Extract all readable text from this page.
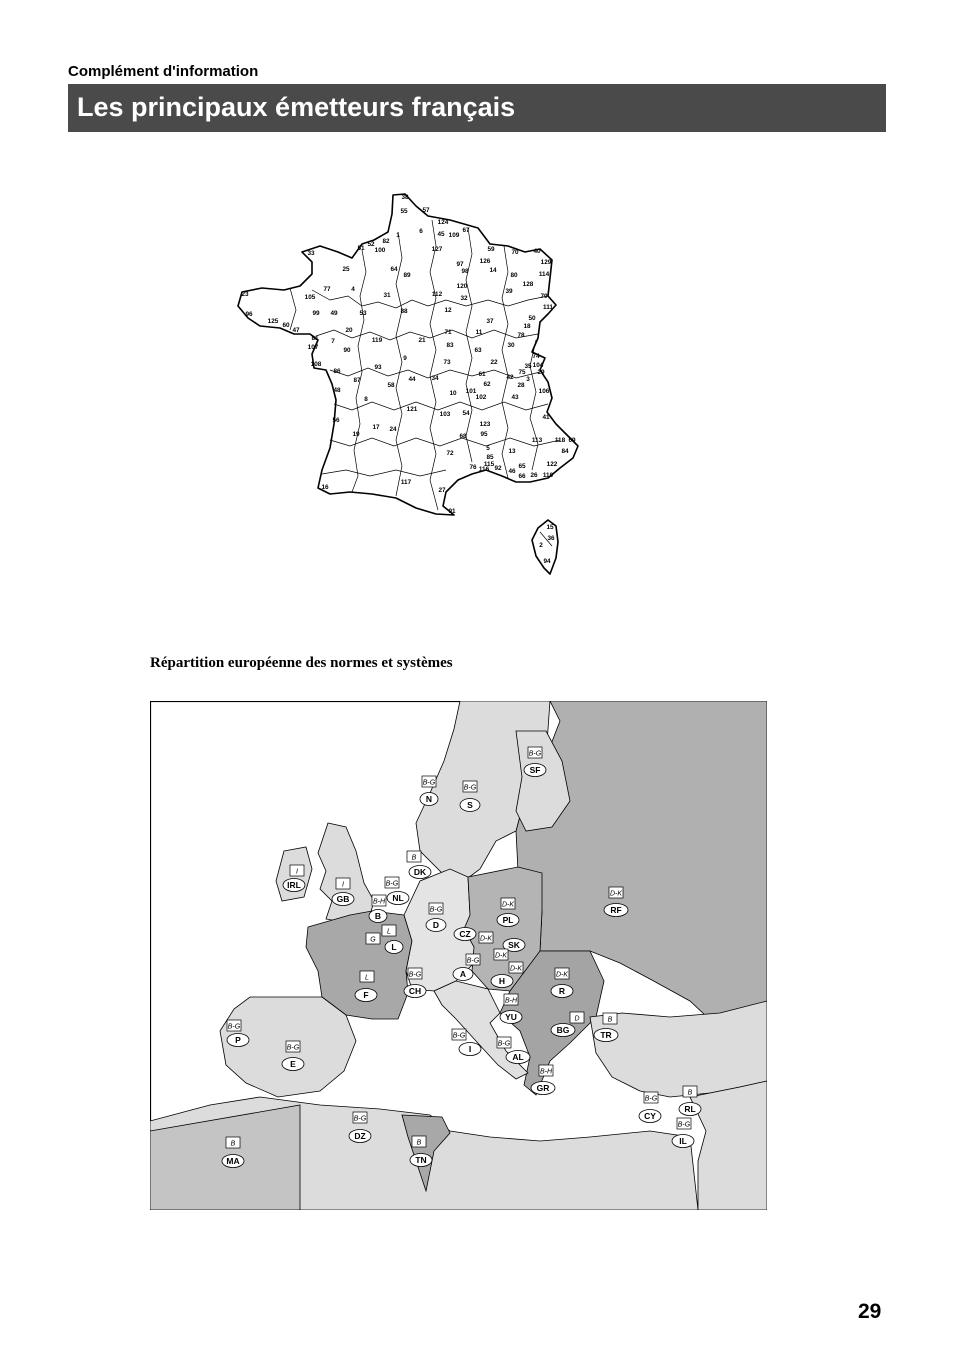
Complément d'information
Les principaux émetteurs français
38
55 57
124
1
6 45 109
67
82
52
100
51	127
33
59	70 40
126
97	129
25	64
89
98	14
80	114
4	120	128
77
79
111
23	105	31	112
32
39
96	99 49	53	88	12
125
60
37	50
47	20	71	11
18
81	78
107
7	119	21
83	30
90	63
74
9
104
108	93
73	22
35
29
75
86
87
61	42
58
44 34	3
48
62	28
10 101
102	43
106
8
121
103 54
41
56
123
17 24
19	95
113 118 69
68
5
85
13	84
72
115
92 46
65
116
66 26
76	122
110
117
16	27
91
15
36
2
94
Répartition européenne des normes et systèmes
B-G
SF
B-G
N
B-G
S
B
DK
I
IRL	I
GB
B-G
NL
B-H
B
L
L
G
B-G
D
D-K
PL
CZ D-K
SK
D-K
RF
B-G
A
D-K
H
D-K
R
D-K
L
F
B-G
CH
B-H
YU	D
BG
B
TR
B-G
P
B-G
E
B-G
I	B-G
AL
B-H
GR
B-G
CY
B
RL
B-G
IL
B-G
DZ
B
MA
B
TN
29
